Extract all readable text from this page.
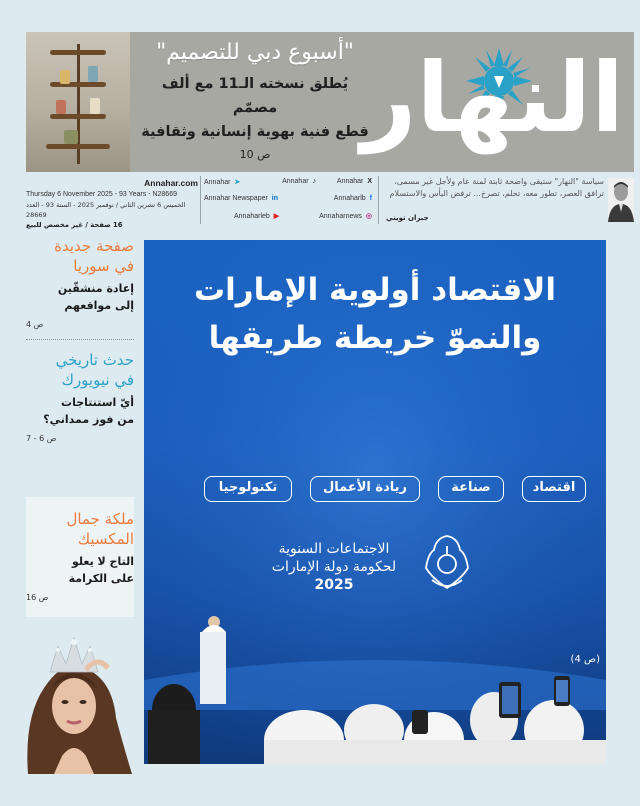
"أسبوع دبي للتصميم"
يُطلق نسخته الـ11 مع ألف مصمّم
قطع فنية بهوية إنسانية وثقافية
ص 10
النهار
Annahar.com
Thursday 6 November 2025 - 93 Years - N28669
الخميس 6 تشرين الثاني / نوفمبر 2025 - السنة 93 - العدد 28669
16 صفحة / غير مخصص للبيع
Annahar X
Annahar ♪
Annahar ➤
Annaharlb f
Annahar Newspaper in
Annaharnews ◎
Annaharleb ▶
سياسة "النهار" ستبقى واضحة ثابتة لمنة عام ولأجل غير مسمى، ترافق العصر، تطور معه، تحلم، تصرخ... ترفض اليأس والاستسلام
جبران تويني
صفحة جديدة
في سوريا
إعادة منشقّين
إلى مواقعهم
ص 4
حدث تاريخي
في نيويورك
أيّ استنتاجات
من فوز ممداني؟
ص 6 - 7
ملكة جمال
المكسيك
التاج لا يعلو
على الكرامة
ص 16
الاقتصاد أولوية الإمارات
والنموّ خريطة طريقها
اقتصاد
صناعة
ريادة الأعمال
تكنولوجيا
الاجتماعات السنوية
لحكومة دولة الإمارات
2025
(ص 4)
